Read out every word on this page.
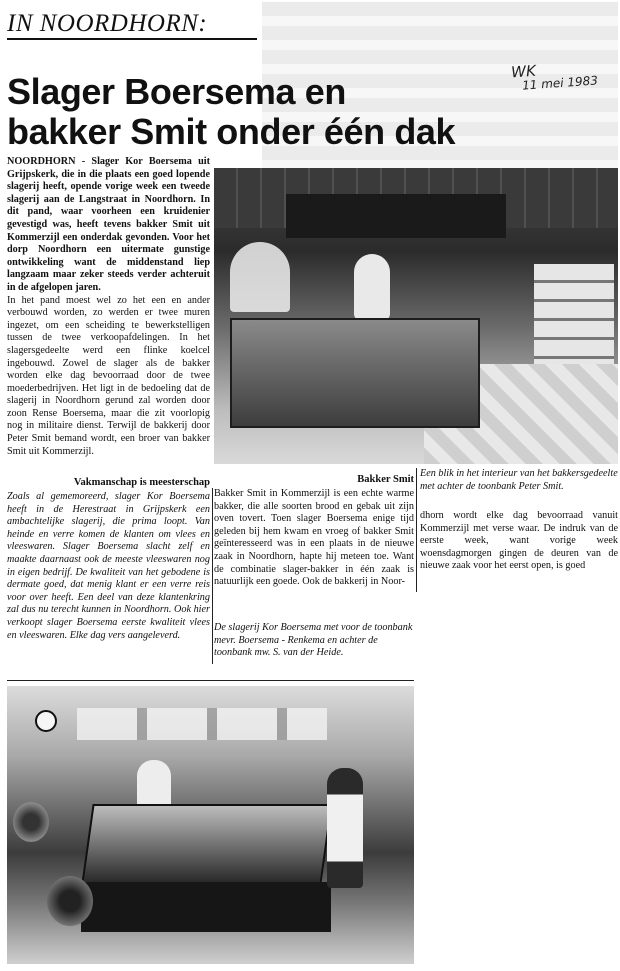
IN NOORDHORN:
WK
11 mei 1983
Slager Boersema en
bakker Smit onder één dak

NOORDHORN - Slager Kor Boersema uit Grijpskerk, die in die plaats een goed lopende slagerij heeft, opende vorige week een tweede slagerij aan de Langstraat in Noordhorn. In dit pand, waar voorheen een kruidenier gevestigd was, heeft tevens bakker Smit uit Kommerzijl een onderdak gevonden. Voor het dorp Noordhorn een uitermate gunstige ontwikkeling want de middenstand liep langzaam maar zeker steeds verder achteruit in de afgelopen jaren.

In het pand moest wel zo het een en ander verbouwd worden, zo werden er twee muren ingezet, om een scheiding te bewerkstelligen tussen de twee verkoopafdelingen. In het slagersgedeelte werd een flinke koelcel ingebouwd. Zowel de slager als de bakker worden elke dag bevoorraad door de twee moederbedrijven. Het ligt in de bedoeling dat de slagerij in Noordhorn gerund zal worden door zoon Rense Boersema, maar die zit voorlopig nog in militaire dienst. Terwijl de bakkerij door Peter Smit bemand wordt, een broer van bakker Smit uit Kommerzijl.

Vakmanschap is meesterschap

Zoals al gememoreerd, slager Kor Boersema heeft in de Herestraat in Grijpskerk een ambachtelijke slagerij, die prima loopt. Van heinde en verre komen de klanten om vlees en vleeswaren. Slager Boersema slacht zelf en maakte daarnaast ook de meeste vleeswaren nog in eigen bedrijf. De kwaliteit van het gebodene is dermate goed, dat menig klant er een verre reis voor over heeft. Een deel van deze klantenkring zal dus nu terecht kunnen in Noordhorn. Ook hier verkoopt slager Boersema eerste kwaliteit vlees en vleeswaren. Elke dag vers aangeleverd.

Een blik in het interieur van het bakkersgedeelte met achter de toonbank Peter Smit.
Bakker Smit

Bakker Smit in Kommerzijl is een echte warme bakker, die alle soorten brood en gebak uit zijn oven tovert. Toen slager Boersema enige tijd geleden bij hem kwam en vroeg of bakker Smit geïnteresseerd was in een plaats in de nieuwe zaak in Noordhorn, hapte hij meteen toe. Want de combinatie slager-bakker in één zaak is natuurlijk een goede. Ook de bakkerij in Noor-

dhorn wordt elke dag bevoorraad vanuit Kommerzijl met verse waar. De indruk van de eerste week, want vorige week woensdagmorgen gingen de deuren van de nieuwe zaak voor het eerst open, is goed

De slagerij Kor Boersema met voor de toonbank mevr. Boersema - Renkema en achter de toonbank mw. S. van der Heide.
